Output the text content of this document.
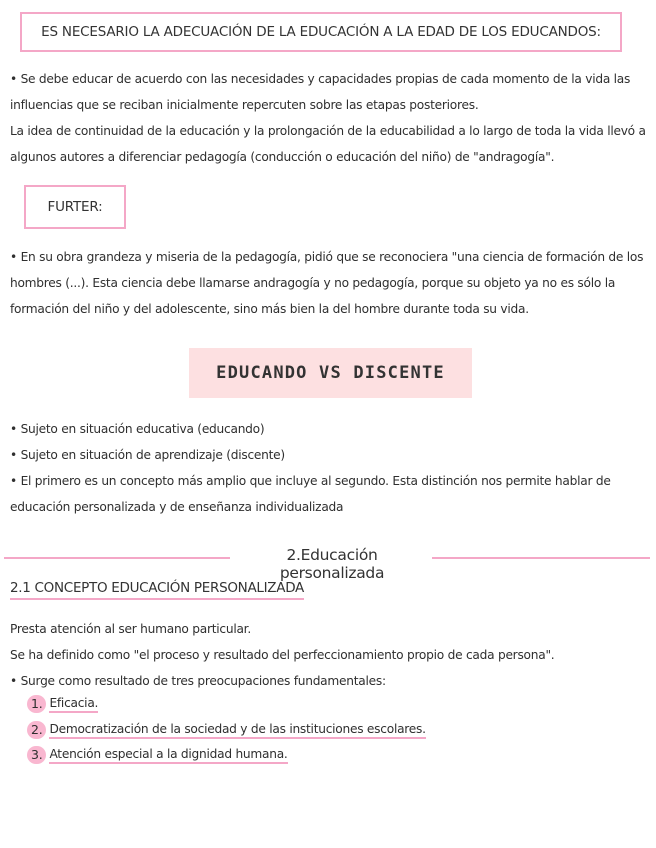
ES NECESARIO LA ADECUACIÓN DE LA EDUCACIÓN A LA EDAD DE LOS EDUCANDOS:

• Se debe educar de acuerdo con las necesidades y capacidades propias de cada momento de la vida las

influencias que se reciban inicialmente repercuten sobre las etapas posteriores.

La idea de continuidad de la educación y la prolongación de la educabilidad a lo largo de toda la vida llevó a

algunos autores a diferenciar pedagogía (conducción o educación del niño) de "andragogía".

FURTER:

• En su obra grandeza y miseria de la pedagogía, pidió que se reconociera "una ciencia de formación de los

hombres (...). Esta ciencia debe llamarse andragogía y no pedagogía, porque su objeto ya no es sólo la

formación del niño y del adolescente, sino más bien la del hombre durante toda su vida.

EDUCANDO VS DISCENTE

• Sujeto en situación educativa (educando)

• Sujeto en situación de aprendizaje (discente)

• El primero es un concepto más amplio que incluye al segundo. Esta distinción nos permite hablar de

educación personalizada y de enseñanza individualizada

2.Educación personalizada
2.1 CONCEPTO EDUCACIÓN PERSONALIZADA

Presta atención al ser humano particular.

Se ha definido como "el proceso y resultado del perfeccionamiento propio de cada persona".

• Surge como resultado de tres preocupaciones fundamentales:

1. Eficacia.
2. Democratización de la sociedad y de las instituciones escolares.
3. Atención especial a la dignidad humana.
